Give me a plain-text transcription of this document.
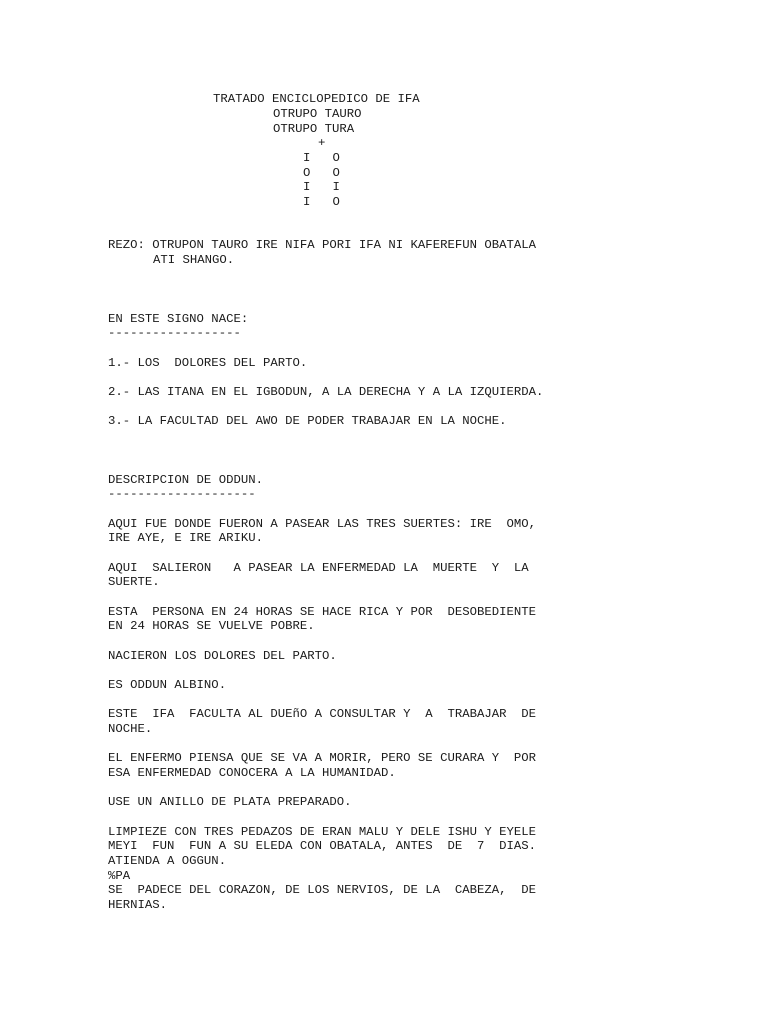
TRATADO ENCICLOPEDICO DE IFA

OTRUPO TAURO

OTRUPO TURA

+

I   O

O   O

I   I

I   O

REZO: OTRUPON TAURO IRE NIFA PORI IFA NI KAFEREFUN OBATALA

ATI SHANGO.

EN ESTE SIGNO NACE:

------------------

1.- LOS  DOLORES DEL PARTO.

2.- LAS ITANA EN EL IGBODUN, A LA DERECHA Y A LA IZQUIERDA.

3.- LA FACULTAD DEL AWO DE PODER TRABAJAR EN LA NOCHE.

DESCRIPCION DE ODDUN.

--------------------

AQUI FUE DONDE FUERON A PASEAR LAS TRES SUERTES: IRE  OMO,

IRE AYE, E IRE ARIKU.

AQUI  SALIERON   A PASEAR LA ENFERMEDAD LA  MUERTE  Y  LA

SUERTE.

ESTA  PERSONA EN 24 HORAS SE HACE RICA Y POR  DESOBEDIENTE

EN 24 HORAS SE VUELVE POBRE.

NACIERON LOS DOLORES DEL PARTO.

ES ODDUN ALBINO.

ESTE  IFA  FACULTA AL DUEñO A CONSULTAR Y  A  TRABAJAR  DE

NOCHE.

EL ENFERMO PIENSA QUE SE VA A MORIR, PERO SE CURARA Y  POR

ESA ENFERMEDAD CONOCERA A LA HUMANIDAD.

USE UN ANILLO DE PLATA PREPARADO.

LIMPIEZE CON TRES PEDAZOS DE ERAN MALU Y DELE ISHU Y EYELE

MEYI  FUN  FUN A SU ELEDA CON OBATALA, ANTES  DE  7  DIAS.

ATIENDA A OGGUN.

%PA

SE  PADECE DEL CORAZON, DE LOS NERVIOS, DE LA  CABEZA,  DE

HERNIAS.
